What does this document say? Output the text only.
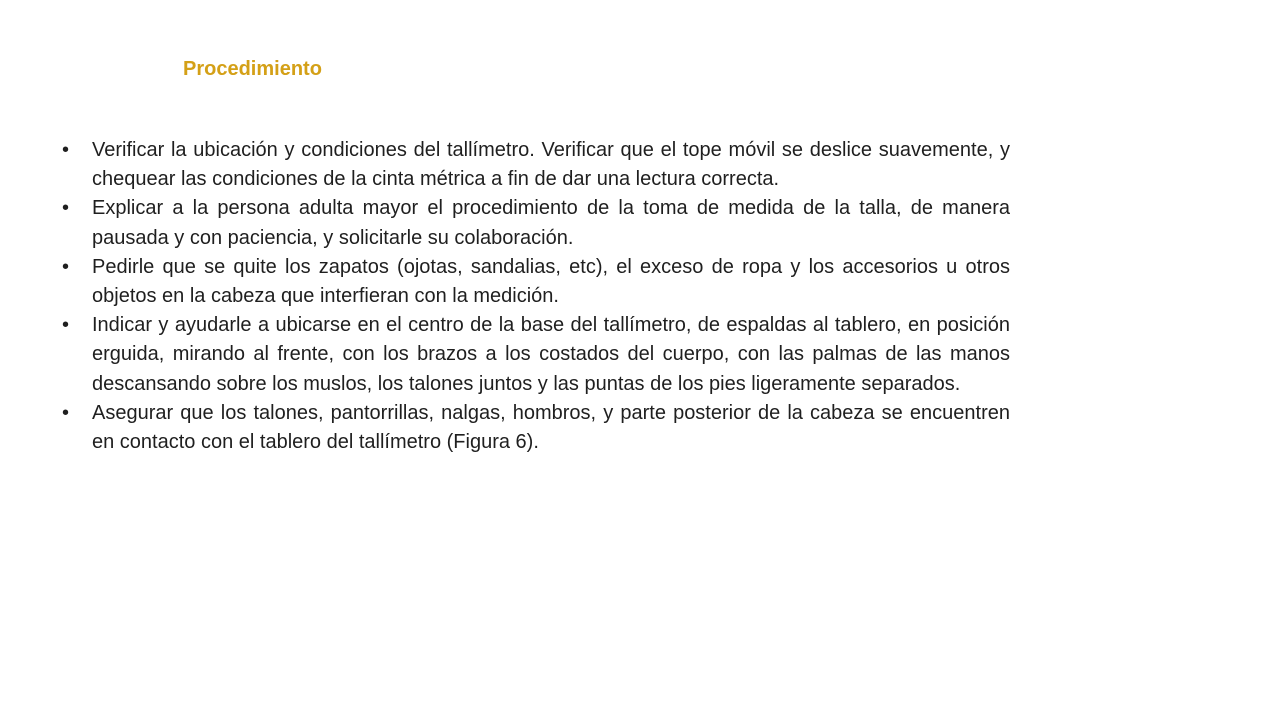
Procedimiento
• Verificar la ubicación y condiciones del tallímetro. Verificar que el tope móvil se deslice suavemente, y chequear las condiciones de la cinta métrica a fin de dar una lectura correcta.
• Explicar a la persona adulta mayor el procedimiento de la toma de medida de la talla, de manera pausada y con paciencia, y solicitarle su colaboración.
• Pedirle que se quite los zapatos (ojotas, sandalias, etc), el exceso de ropa y los accesorios u otros objetos en la cabeza que interfieran con la medición.
• Indicar y ayudarle a ubicarse en el centro de la base del tallímetro, de espaldas al tablero, en posición erguida, mirando al frente, con los brazos a los costados del cuerpo, con las palmas de las manos descansando sobre los muslos, los talones juntos y las puntas de los pies ligeramente separados.
• Asegurar que los talones, pantorrillas, nalgas, hombros, y parte posterior de la cabeza se encuentren en contacto con el tablero del tallímetro (Figura 6).
